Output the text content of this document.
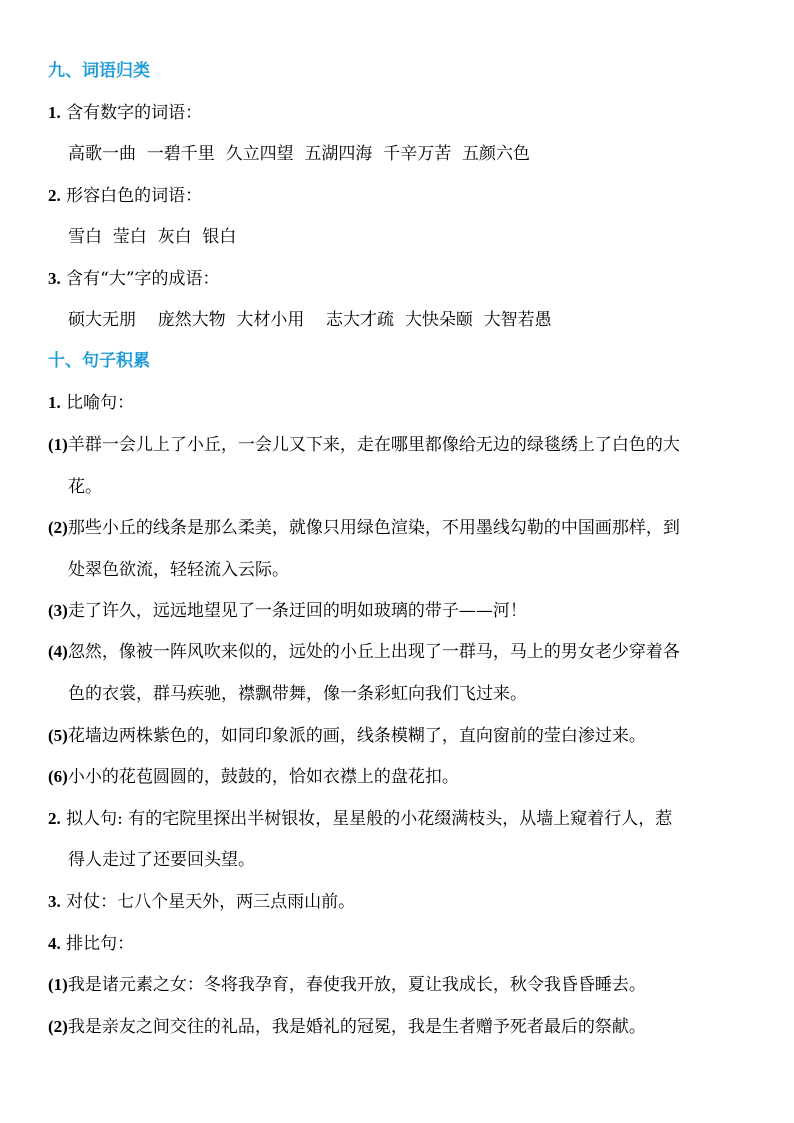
九、词语归类
1. 含有数字的词语：
高歌一曲  一碧千里  久立四望  五湖四海  千辛万苦  五颜六色
2. 形容白色的词语：
雪白  莹白  灰白  银白
3. 含有“大”字的成语：
硕大无朋    庞然大物  大材小用    志大才疏  大快朵颐  大智若愚
十、句子积累
1. 比喻句：
(1)羊群一会儿上了小丘，一会儿又下来，走在哪里都像给无边的绿毯绣上了白色的大
花。
(2)那些小丘的线条是那么柔美，就像只用绿色渲染，不用墨线勾勒的中国画那样，到
处翠色欲流，轻轻流入云际。
(3)走了许久，远远地望见了一条迂回的明如玻璃的带子——河！
(4)忽然，像被一阵风吹来似的，远处的小丘上出现了一群马，马上的男女老少穿着各
色的衣裳，群马疾驰，襟飘带舞，像一条彩虹向我们飞过来。
(5)花墙边两株紫色的，如同印象派的画，线条模糊了，直向窗前的莹白渗过来。
(6)小小的花苞圆圆的，鼓鼓的，恰如衣襟上的盘花扣。
2. 拟人句: 有的宅院里探出半树银妆，星星般的小花缀满枝头，从墙上窥着行人，惹
得人走过了还要回头望。
3. 对仗：七八个星天外，两三点雨山前。
4. 排比句：
(1)我是诸元素之女：冬将我孕育，春使我开放，夏让我成长，秋令我昏昏睡去。
(2)我是亲友之间交往的礼品，我是婚礼的冠冕，我是生者赠予死者最后的祭献。
